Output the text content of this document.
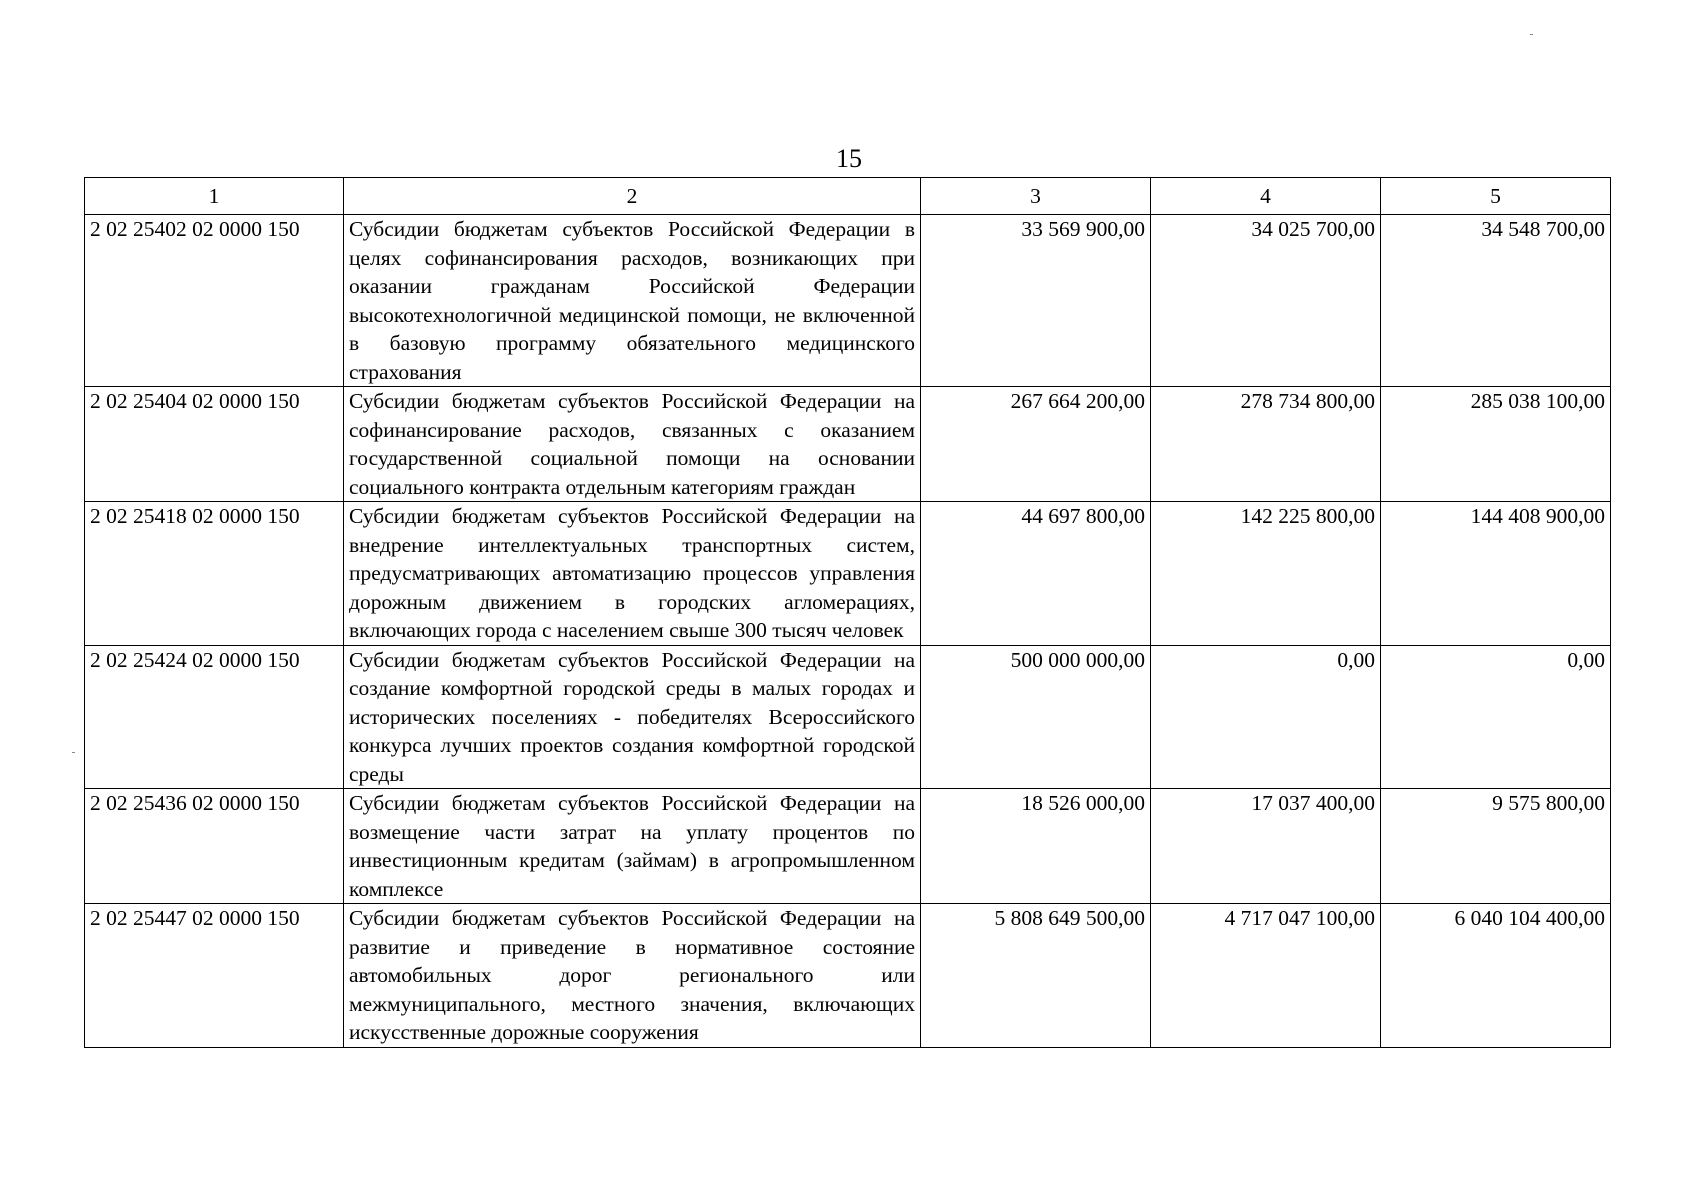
15
1	2	3	4	5
2 02 25402 02 0000 150	Субсидии бюджетам субъектов Российской Федерации в целях софинансирования расходов, возникающих при оказании гражданам Российской Федерации высокотехнологичной медицинской помощи, не включенной в базовую программу обязательного медицинского страхования	33 569 900,00	34 025 700,00	34 548 700,00
2 02 25404 02 0000 150	Субсидии бюджетам субъектов Российской Федерации на софинансирование расходов, связанных с оказанием государственной социальной помощи на основании социального контракта отдельным категориям граждан	267 664 200,00	278 734 800,00	285 038 100,00
2 02 25418 02 0000 150	Субсидии бюджетам субъектов Российской Федерации на внедрение интеллектуальных транспортных систем, предусматривающих автоматизацию процессов управления дорожным движением в городских агломерациях, включающих города с населением свыше 300 тысяч человек	44 697 800,00	142 225 800,00	144 408 900,00
2 02 25424 02 0000 150	Субсидии бюджетам субъектов Российской Федерации на создание комфортной городской среды в малых городах и исторических поселениях - победителях Всероссийского конкурса лучших проектов создания комфортной городской среды	500 000 000,00	0,00	0,00
2 02 25436 02 0000 150	Субсидии бюджетам субъектов Российской Федерации на возмещение части затрат на уплату процентов по инвестиционным кредитам (займам) в агропромышленном комплексе	18 526 000,00	17 037 400,00	9 575 800,00
2 02 25447 02 0000 150	Субсидии бюджетам субъектов Российской Федерации на развитие и приведение в нормативное состояние автомобильных дорог регионального или межмуниципального, местного значения, включающих искусственные дорожные сооружения	5 808 649 500,00	4 717 047 100,00	6 040 104 400,00
